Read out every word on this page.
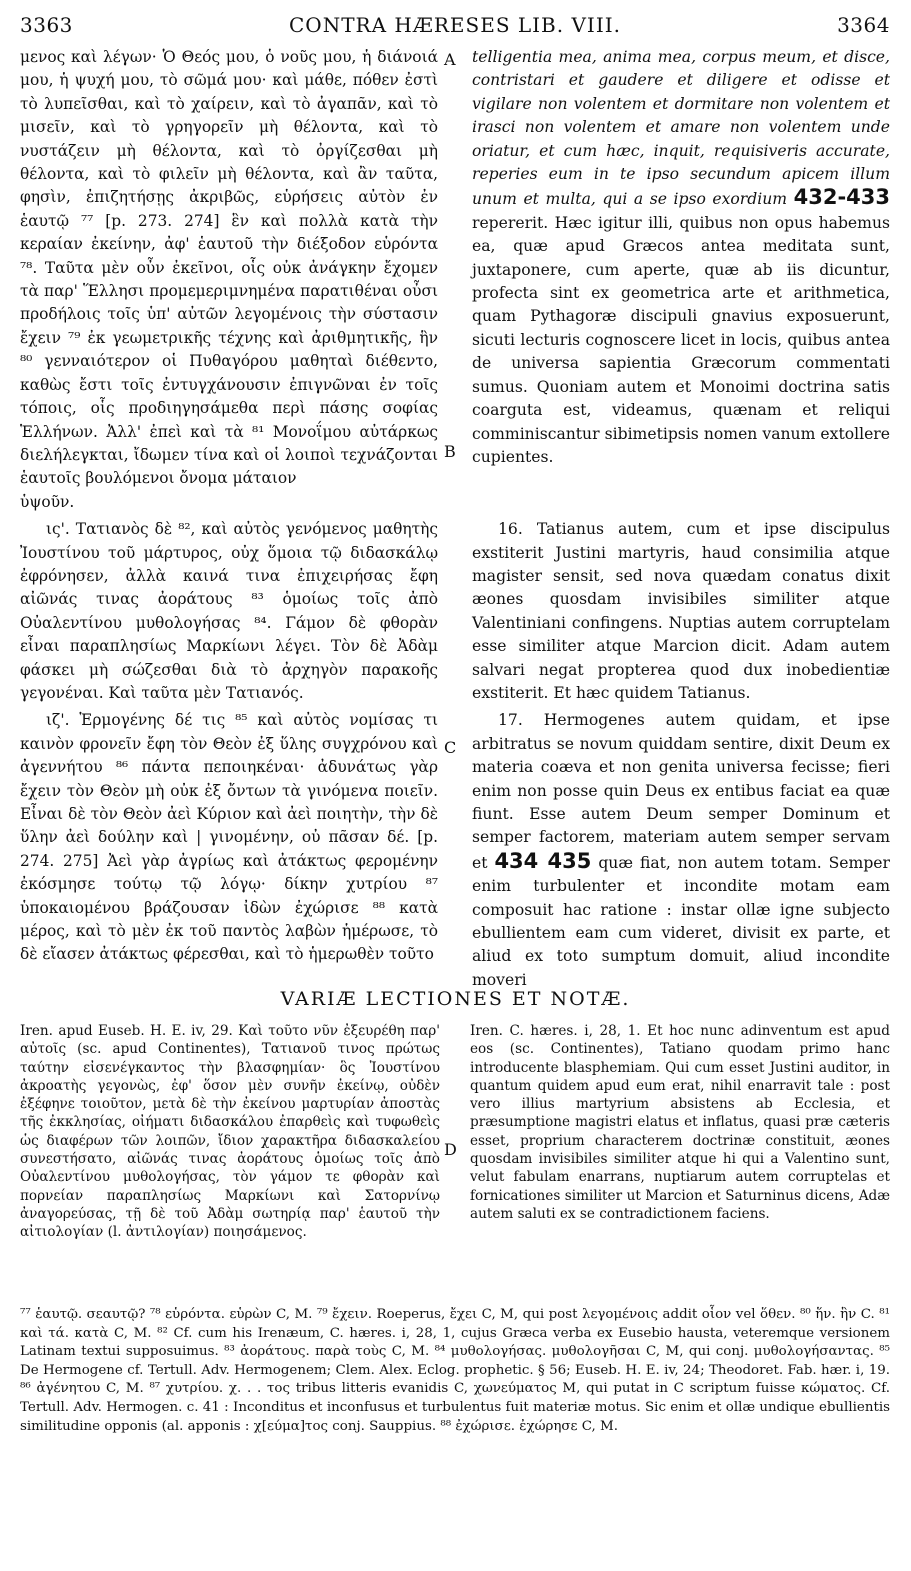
3363	CONTRA HÆRESES LIB. VIII.	3364
A
B
C
D

μενος καὶ λέγων· Ὁ Θεός μου, ὁ νοῦς μου, ἡ διάνοιά μου, ἡ ψυχή μου, τὸ σῶμά μου· καὶ μάθε, πόθεν ἐστὶ τὸ λυπεῖσθαι, καὶ τὸ χαίρειν, καὶ τὸ ἀγαπᾶν, καὶ τὸ μισεῖν, καὶ τὸ γρηγορεῖν μὴ θέλοντα, καὶ τὸ νυστάζειν μὴ θέλοντα, καὶ τὸ ὀργίζεσθαι μὴ θέλοντα, καὶ τὸ φιλεῖν μὴ θέλοντα, καὶ ἂν ταῦτα, φησὶν, ἐπιζητήσῃς ἀκριβῶς, εὑρήσεις αὐτὸν ἐν ἑαυτῷ ⁷⁷ [p. 273. 274] ἓν καὶ πολλὰ κατὰ τὴν κεραίαν ἐκείνην, ἀφ' ἑαυτοῦ τὴν διέξοδον εὑρόντα ⁷⁸. Ταῦτα μὲν οὖν ἐκεῖνοι, οἷς οὐκ ἀνάγκην ἔχομεν τὰ παρ' Ἕλλησι προμεμεριμνημένα παρατιθέναι οὖσι προδήλοις τοῖς ὑπ' αὐτῶν λεγομένοις τὴν σύστασιν ἔχειν ⁷⁹ ἐκ γεωμετρικῆς τέχνης καὶ ἀριθμητικῆς, ἣν ⁸⁰ γενναιότερον οἱ Πυθαγόρου μαθηταὶ διέθεντο, καθὼς ἔστι τοῖς ἐντυγχάνουσιν ἐπιγνῶναι ἐν τοῖς τόποις, οἷς προδιηγησάμεθα περὶ πάσης σοφίας Ἑλλήνων. Ἀλλ' ἐπεὶ καὶ τὰ ⁸¹ Μονοΐμου αὐτάρκως διελήλεγκται, ἴδωμεν τίνα καὶ οἱ λοιποὶ τεχνάζονται ἑαυτοῖς βουλόμενοι ὄνομα μάταιον

telligentia mea, anima mea, corpus meum, et disce, contristari et gaudere et diligere et odisse et vigilare non volentem et dormitare non volentem et irasci non volentem et amare non volentem unde oriatur, et cum hæc, inquit, requisiveris accurate, reperies eum in te ipso secundum apicem illum unum et multa, qui a se ipso exordium 432-433 repererit. Hæc igitur illi, quibus non opus habemus ea, quæ apud Græcos antea meditata sunt, juxtaponere, cum aperte, quæ ab iis dicuntur, profecta sint ex geometrica arte et arithmetica, quam Pythagoræ discipuli gnavius exposuerunt, sicuti lecturis cognoscere licet in locis, quibus antea de universa sapientia Græcorum commentati sumus. Quoniam autem et Monoimi doctrina satis coarguta est, videamus, quænam et reliqui comminiscantur sibimetipsis nomen vanum extollere cupientes.

ὑψοῦν.

ις'. Τατιανὸς δὲ ⁸², καὶ αὐτὸς γενόμενος μαθητὴς Ἰουστίνου τοῦ μάρτυρος, οὐχ ὅμοια τῷ διδασκάλῳ ἐφρόνησεν, ἀλλὰ καινά τινα ἐπιχειρήσας ἔφη αἰῶνάς τινας ἀοράτους ⁸³ ὁμοίως τοῖς ἀπὸ Οὐαλεντίνου μυθολογήσας ⁸⁴. Γάμον δὲ φθορὰν εἶναι παραπλησίως Μαρκίωνι λέγει. Τὸν δὲ Ἀδὰμ φάσκει μὴ σώζεσθαι διὰ τὸ ἀρχηγὸν παρακοῆς γεγονέναι. Καὶ ταῦτα μὲν Τατιανός.

ιζ'. Ἑρμογένης δέ τις ⁸⁵ καὶ αὐτὸς νομίσας τι καινὸν φρονεῖν ἔφη τὸν Θεὸν ἐξ ὕλης συγχρόνου καὶ ἀγεννήτου ⁸⁶ πάντα πεποιηκέναι· ἀδυνάτως γὰρ ἔχειν τὸν Θεὸν μὴ οὐκ ἐξ ὄντων τὰ γινόμενα ποιεῖν. Εἶναι δὲ τὸν Θεὸν ἀεὶ Κύριον καὶ ἀεὶ ποιητὴν, τὴν δὲ ὕλην ἀεὶ δούλην καὶ | γινομένην, οὐ πᾶσαν δέ. [p. 274. 275] Ἀεὶ γὰρ ἀγρίως καὶ ἀτάκτως φερομένην ἐκόσμησε τούτῳ τῷ λόγῳ· δίκην χυτρίου ⁸⁷ ὑποκαιομένου βράζουσαν ἰδὼν ἐχώρισε ⁸⁸ κατὰ μέρος, καὶ τὸ μὲν ἐκ τοῦ παντὸς λαβὼν ἡμέρωσε, τὸ δὲ εἴασεν ἀτάκτως φέρεσθαι, καὶ τὸ ἡμερωθὲν τοῦτο

16. Tatianus autem, cum et ipse discipulus exstiterit Justini martyris, haud consimilia atque magister sensit, sed nova quædam conatus dixit æones quosdam invisibiles similiter atque Valentiniani confingens. Nuptias autem corruptelam esse similiter atque Marcion dicit. Adam autem salvari negat propterea quod dux inobedientiæ exstiterit. Et hæc quidem Tatianus.

17. Hermogenes autem quidam, et ipse arbitratus se novum quiddam sentire, dixit Deum ex materia coæva et non genita universa fecisse; fieri enim non posse quin Deus ex entibus faciat ea quæ fiunt. Esse autem Deum semper Dominum et semper factorem, materiam autem semper servam et 434 435 quæ fiat, non autem totam. Semper enim turbulenter et incondite motam eam composuit hac ratione : instar ollæ igne subjecto ebullientem eam cum videret, divisit ex parte, et aliud ex toto sumptum domuit, aliud incondite moveri

VARIÆ LECTIONES ET NOTÆ.
Iren. apud Euseb. H. E. iv, 29. Καὶ τοῦτο νῦν ἐξευρέθη παρ' αὐτοῖς (sc. apud Continentes), Τατιανοῦ τινος πρώτως ταύτην εἰσενέγκαντος τὴν βλασφημίαν· ὃς Ἰουστίνου ἀκροατὴς γεγονὼς, ἐφ' ὅσον μὲν συνῆν ἐκείνῳ, οὐδὲν ἐξέφηνε τοιοῦτον, μετὰ δὲ τὴν ἐκείνου μαρτυρίαν ἀποστὰς τῆς ἐκκλησίας, οἰήματι διδασκάλου ἐπαρθεὶς καὶ τυφωθεὶς ὡς διαφέρων τῶν λοιπῶν, ἴδιον χαρακτῆρα διδασκαλείου συνεστήσατο, αἰῶνάς τινας ἀοράτους ὁμοίως τοῖς ἀπὸ Οὐαλεντίνου μυθολογήσας, τὸν γάμον τε φθορὰν καὶ πορνείαν παραπλησίως Μαρκίωνι καὶ Σατορνίνῳ ἀναγορεύσας, τῇ δὲ τοῦ Ἀδὰμ σωτηρίᾳ παρ' ἑαυτοῦ τὴν αἰτιολογίαν (l. ἀντιλογίαν) ποιησάμενος.
Iren. C. hæres. i, 28, 1. Et hoc nunc adinventum est apud eos (sc. Continentes), Tatiano quodam primo hanc introducente blasphemiam. Qui cum esset Justini auditor, in quantum quidem apud eum erat, nihil enarravit tale : post vero illius martyrium absistens ab Ecclesia, et præsumptione magistri elatus et inflatus, quasi præ cæteris esset, proprium characterem doctrinæ constituit, æones quosdam invisibiles similiter atque hi qui a Valentino sunt, velut fabulam enarrans, nuptiarum autem corruptelas et fornicationes similiter ut Marcion et Saturninus dicens, Adæ autem saluti ex se contradictionem faciens.
⁷⁷ ἑαυτῷ. σεαυτῷ? ⁷⁸ εὑρόντα. εὑρὼν C, M. ⁷⁹ ἔχειν. Roeperus, ἔχει C, M, qui post λεγομένοις addit οἷον vel ὅθεν. ⁸⁰ ἥν. ἣν C. ⁸¹ καὶ τά. κατὰ C, M. ⁸² Cf. cum his Irenæum, C. hæres. i, 28, 1, cujus Græca verba ex Eusebio hausta, veteremque versionem Latinam textui supposuimus. ⁸³ ἀοράτους. παρὰ τοὺς C, M. ⁸⁴ μυθολογήσας. μυθολογῆσαι C, M, qui conj. μυθολογήσαντας. ⁸⁵ De Hermogene cf. Tertull. Adv. Hermogenem; Clem. Alex. Eclog. prophetic. § 56; Euseb. H. E. iv, 24; Theodoret. Fab. hær. i, 19. ⁸⁶ ἀγένητου C, M. ⁸⁷ χυτρίου. χ. . . τος tribus litteris evanidis C, χωνεύματος M, qui putat in C scriptum fuisse κώματος. Cf. Tertull. Adv. Hermogen. c. 41 : Inconditus et inconfusus et turbulentus fuit materiæ motus. Sic enim et ollæ undique ebullientis similitudine opponis (al. apponis : χ[εύμα]τος conj. Sauppius. ⁸⁸ ἐχώρισε. ἐχώρησε C, M.
